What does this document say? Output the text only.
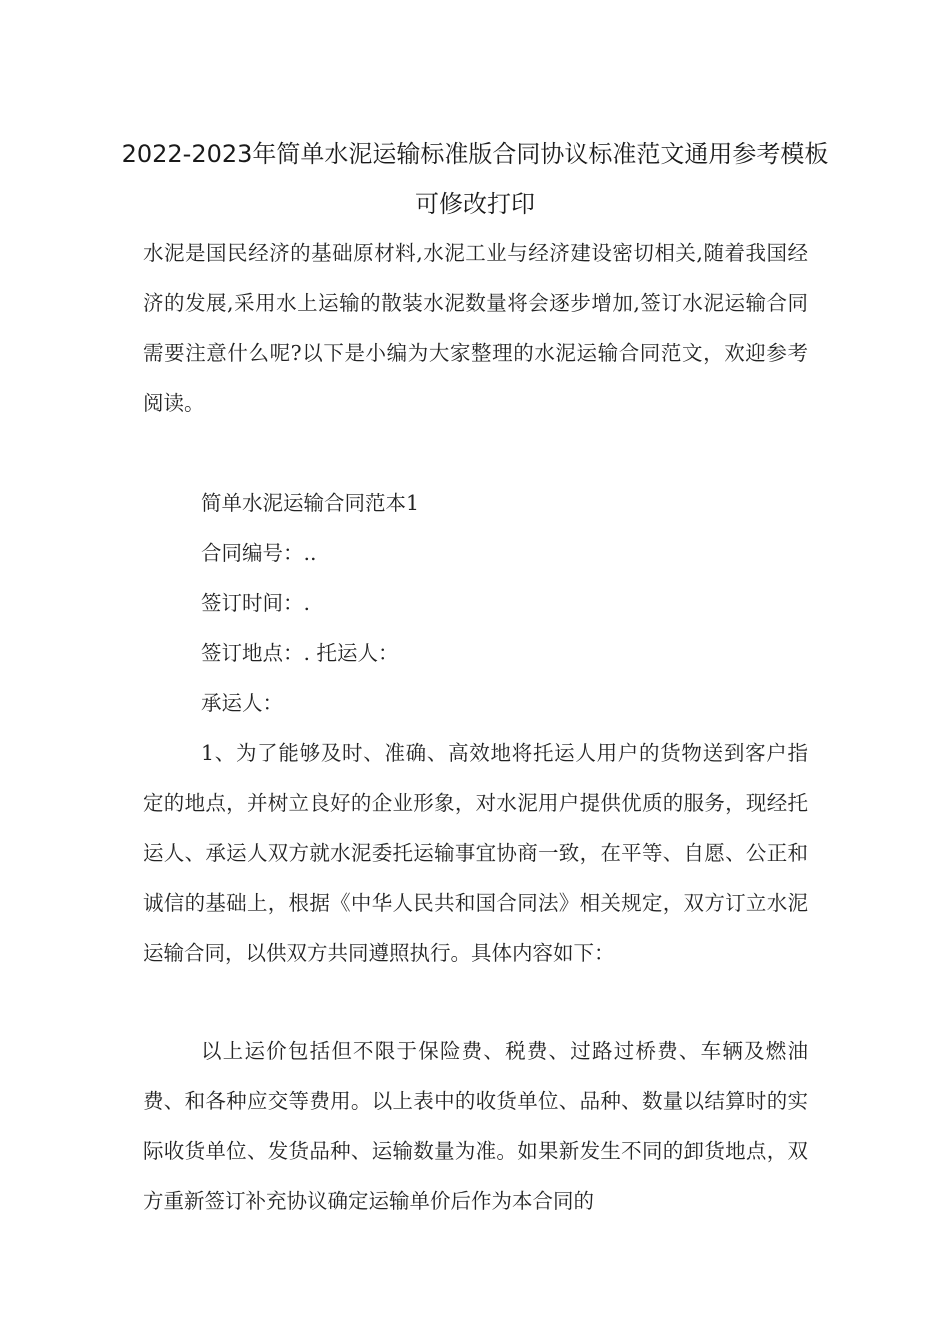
2022-2023年简单水泥运输标准版合同协议标准范文通用参考模板
可修改打印

水泥是国民经济的基础原材料,水泥工业与经济建设密切相关,随着我国经济的发展,采用水上运输的散装水泥数量将会逐步增加,签订水泥运输合同需要注意什么呢?以下是小编为大家整理的水泥运输合同范文，欢迎参考阅读。

简单水泥运输合同范本1
合同编号：..
签订时间：.
签订地点：. 托运人：
承运人：

1、为了能够及时、准确、高效地将托运人用户的货物送到客户指定的地点，并树立良好的企业形象，对水泥用户提供优质的服务，现经托运人、承运人双方就水泥委托运输事宜协商一致，在平等、自愿、公正和诚信的基础上，根据《中华人民共和国合同法》相关规定，双方订立水泥运输合同，以供双方共同遵照执行。具体内容如下：

以上运价包括但不限于保险费、税费、过路过桥费、车辆及燃油费、和各种应交等费用。以上表中的收货单位、品种、数量以结算时的实际收货单位、发货品种、运输数量为准。如果新发生不同的卸货地点，双方重新签订补充协议确定运输单价后作为本合同的
